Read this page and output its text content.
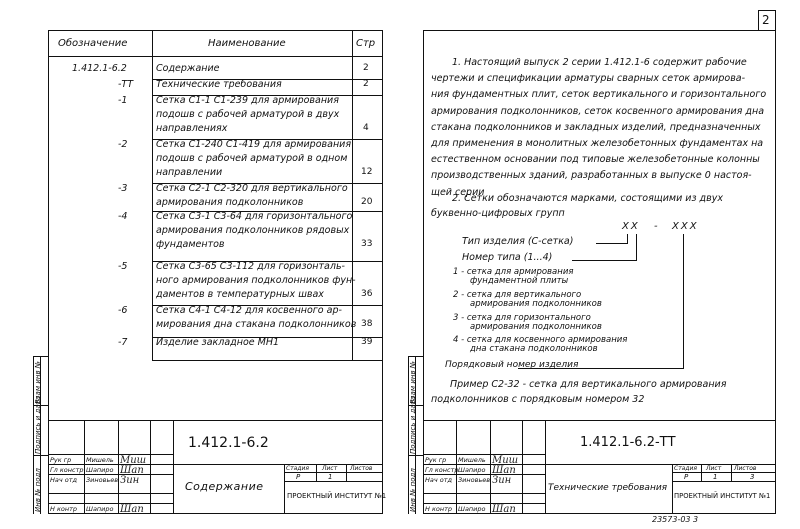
Обозначение	Наименование	Стр
1.412.1-6.2	Содержание	2
-ТТ Технические требования	2
-1	Сетка С1-1 С1-239 для армирования
подошв с рабочей арматурой в двух
направлениях	4
-2	Сетка С1-240 С1-419 для армирования
подошв с рабочей арматурой в одном
направлении	12
-3	Сетка С2-1 С2-320 для вертикального
армирования подколонников	20
-4	Сетка С3-1 С3-64 для горизонтального
армирования подколонников рядовых
фундаментов	33
-5	Сетка С3-65 С3-112 для горизонталь-
ного армирования подколонников фун-
даментов в температурных швах	36
-6	Сетка С4-1 С4-12 для косвенного ар-
мирования дна стакана подколонников 38
-7	Изделие закладное МН1	39
Взам инв №
Подпись и дата
Инв № подл
Рук гр
Гл констр
Нач отд
Н контр
Мишель
Шапиро
Зиновьев
Шапиро
Миш
Шап
Зин
Шап
1.412.1-6.2
Содержание
Стадия Лист Листов
Р	1
ПРОЕКТНЫЙ ИНСТИТУТ №1
2
1. Настоящий выпуск 2 серии 1.412.1-6 содержит рабочие
чертежи и спецификации арматуры сварных сеток армирова-
ния фундаментных плит, сеток вертикального и горизонтального
армирования подколонников, сеток косвенного армирования дна
стакана подколонников и закладных изделий, предназначенных
для применения в монолитных железобетонных фундаментах на
естественном основании под типовые железобетонные колонны
производственных зданий, разработанных в выпуске 0 настоя-
щей серии
2. Сетки обозначаются марками, состоящими из двух
буквенно-цифровых групп
ХХ - ХХХ
Тип изделия (С-сетка)
Номер типа (1...4)
1 - сетка для армирования
фундаментной плиты
2 - сетка для вертикального
армирования подколонников
3 - сетка для горизонтального
армирования подколонников
4 - сетка для косвенного армирования
дна стакана подколонников
Порядковый номер изделия
Пример С2-32 - сетка для вертикального армирования
подколонников с порядковым номером 32
Взам инв №
Подпись и дата
Инв № подл
Рук гр
Гл констр
Нач отд
Н контр
Мишель
Шапиро
Зиновьев
Шапиро
Миш
Шап
Зин
Шап
1.412.1-6.2-ТТ
Технические требования
Стадия Лист Листов
Р	1	3
ПРОЕКТНЫЙ ИНСТИТУТ №1
23573-03 3
